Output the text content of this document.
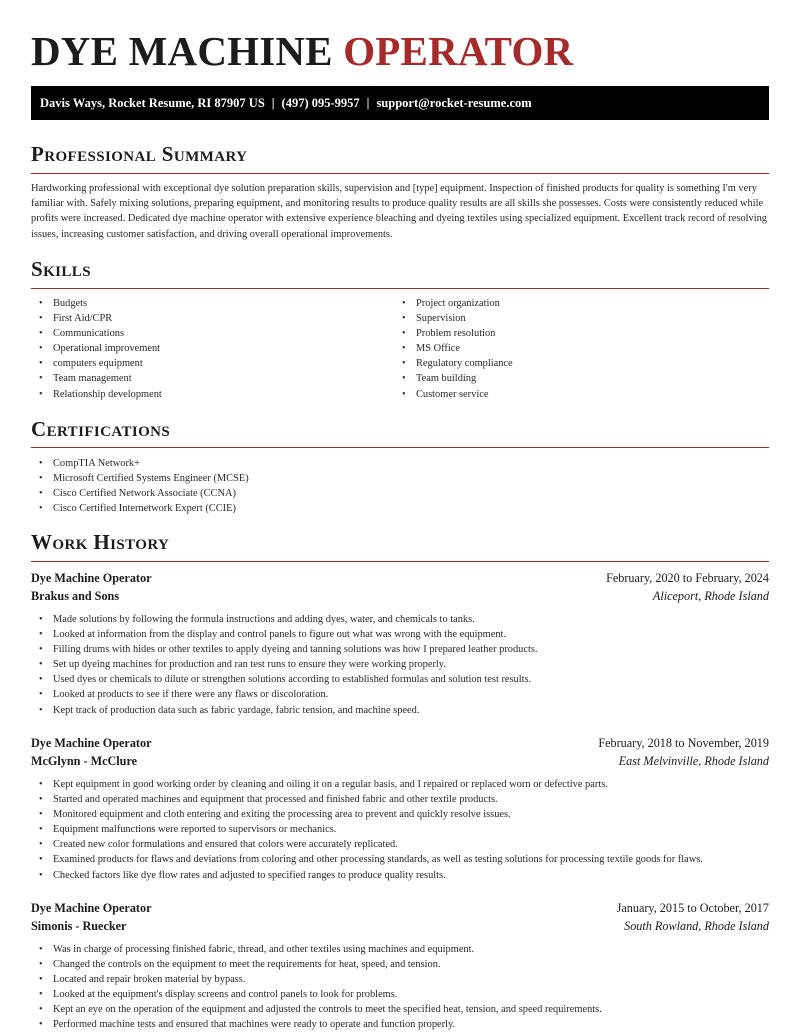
DYE MACHINE OPERATOR
Davis Ways, Rocket Resume, RI 87907 US | (497) 095-9957 | support@rocket-resume.com
Professional Summary

Hardworking professional with exceptional dye solution preparation skills, supervision and [type] equipment. Inspection of finished products for quality is something I'm very familiar with. Safely mixing solutions, preparing equipment, and monitoring results to produce quality results are all skills she possesses. Costs were consistently reduced while profits were increased. Dedicated dye machine operator with extensive experience bleaching and dyeing textiles using specialized equipment. Excellent track record of resolving issues, increasing customer satisfaction, and driving overall operational improvements.

Skills
• Budgets
• First Aid/CPR
• Communications
• Operational improvement
• computers equipment
• Team management
• Relationship development
• Project organization
• Supervision
• Problem resolution
• MS Office
• Regulatory compliance
• Team building
• Customer service
Certifications
• CompTIA Network+
• Microsoft Certified Systems Engineer (MCSE)
• Cisco Certified Network Associate (CCNA)
• Cisco Certified Internetwork Expert (CCIE)
Work History
Dye Machine Operator	February, 2020 to February, 2024
Brakus and Sons	Aliceport, Rhode Island
• Made solutions by following the formula instructions and adding dyes, water, and chemicals to tanks.
• Looked at information from the display and control panels to figure out what was wrong with the equipment.
• Filling drums with hides or other textiles to apply dyeing and tanning solutions was how I prepared leather products.
• Set up dyeing machines for production and ran test runs to ensure they were working properly.
• Used dyes or chemicals to dilute or strengthen solutions according to established formulas and solution test results.
• Looked at products to see if there were any flaws or discoloration.
• Kept track of production data such as fabric yardage, fabric tension, and machine speed.
Dye Machine Operator	February, 2018 to November, 2019
McGlynn - McClure	East Melvinville, Rhode Island
• Kept equipment in good working order by cleaning and oiling it on a regular basis, and I repaired or replaced worn or defective parts.
• Started and operated machines and equipment that processed and finished fabric and other textile products.
• Monitored equipment and cloth entering and exiting the processing area to prevent and quickly resolve issues.
• Equipment malfunctions were reported to supervisors or mechanics.
• Created new color formulations and ensured that colors were accurately replicated.
• Examined products for flaws and deviations from coloring and other processing standards, as well as testing solutions for processing textile goods for flaws.
• Checked factors like dye flow rates and adjusted to specified ranges to produce quality results.
Dye Machine Operator	January, 2015 to October, 2017
Simonis - Ruecker	South Rowland, Rhode Island
• Was in charge of processing finished fabric, thread, and other textiles using machines and equipment.
• Changed the controls on the equipment to meet the requirements for heat, speed, and tension.
• Located and repair broken material by bypass.
• Looked at the equipment's display screens and control panels to look for problems.
• Kept an eye on the operation of the equipment and adjusted the controls to meet the specified heat, tension, and speed requirements.
• Performed machine tests and ensured that machines were ready to operate and function properly.
